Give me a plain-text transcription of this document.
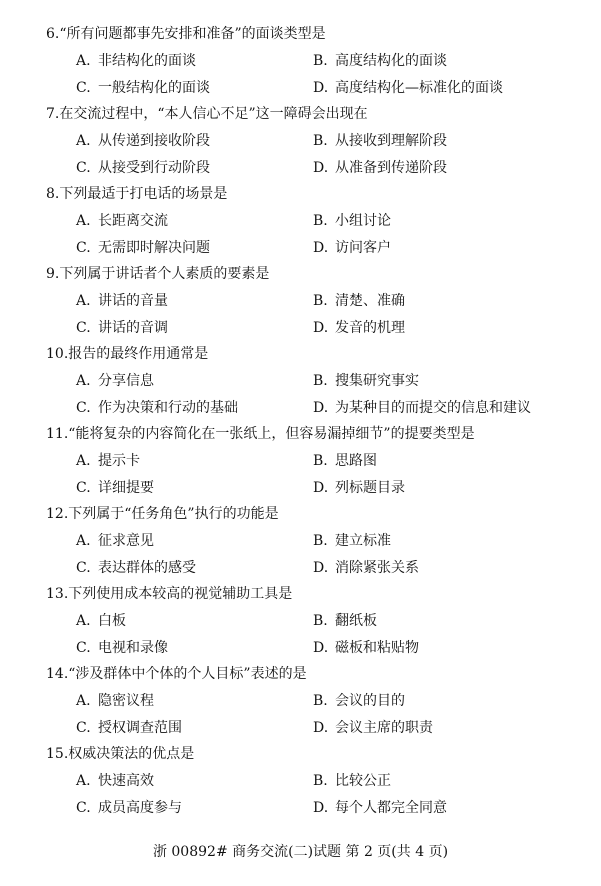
6.“所有问题都事先安排和准备”的面谈类型是
A. 非结构化的面谈	B. 高度结构化的面谈
C. 一般结构化的面谈	D. 高度结构化—标准化的面谈
7.在交流过程中，“本人信心不足”这一障碍会出现在
A. 从传递到接收阶段	B. 从接收到理解阶段
C. 从接受到行动阶段	D. 从准备到传递阶段
8.下列最适于打电话的场景是
A. 长距离交流	B. 小组讨论
C. 无需即时解决问题	D. 访问客户
9.下列属于讲话者个人素质的要素是
A. 讲话的音量	B. 清楚、准确
C. 讲话的音调	D. 发音的机理
10.报告的最终作用通常是
A. 分享信息	B. 搜集研究事实
C. 作为决策和行动的基础	D. 为某种目的而提交的信息和建议
11.“能将复杂的内容简化在一张纸上，但容易漏掉细节”的提要类型是
A. 提示卡	B. 思路图
C. 详细提要	D. 列标题目录
12.下列属于“任务角色”执行的功能是
A. 征求意见	B. 建立标准
C. 表达群体的感受	D. 消除紧张关系
13.下列使用成本较高的视觉辅助工具是
A. 白板	B. 翻纸板
C. 电视和录像	D. 磁板和粘贴物
14.“涉及群体中个体的个人目标”表述的是
A. 隐密议程	B. 会议的目的
C. 授权调查范围	D. 会议主席的职责
15.权威决策法的优点是
A. 快速高效	B. 比较公正
C. 成员高度参与	D. 每个人都完全同意
浙 00892# 商务交流(二)试题 第 2 页(共 4 页)
